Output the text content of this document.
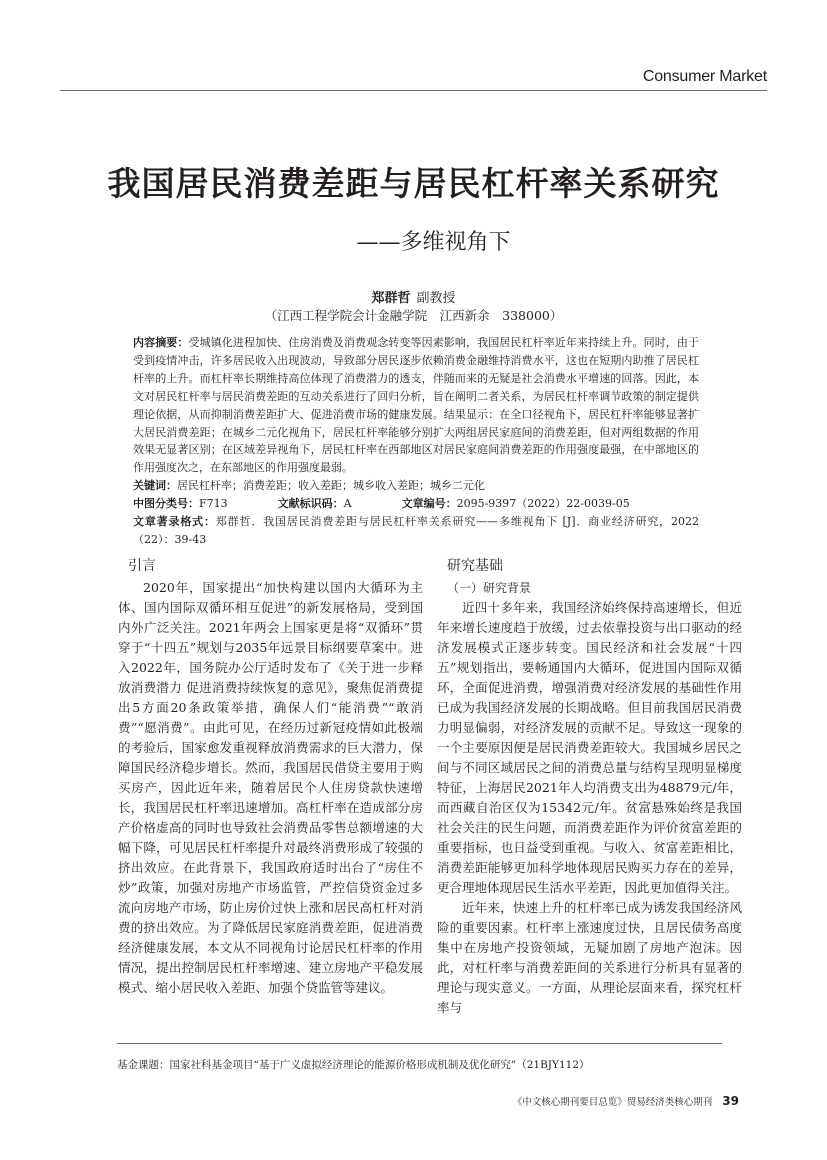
Consumer Market
我国居民消费差距与居民杠杆率关系研究
——多维视角下
郑群哲 副教授
（江西工程学院会计金融学院　江西新余　338000）
内容摘要：受城镇化进程加快、住房消费及消费观念转变等因素影响，我国居民杠杆率近年来持续上升。同时，由于受到疫情冲击，许多居民收入出现波动，导致部分居民逐步依赖消费金融维持消费水平，这也在短期内助推了居民杠杆率的上升。而杠杆率长期维持高位体现了消费潜力的透支，伴随而来的无疑是社会消费水平增速的回落。因此，本文对居民杠杆率与居民消费差距的互动关系进行了回归分析，旨在阐明二者关系，为居民杠杆率调节政策的制定提供理论依据，从而抑制消费差距扩大、促进消费市场的健康发展。结果显示：在全口径视角下，居民杠杆率能够显著扩大居民消费差距；在城乡二元化视角下，居民杠杆率能够分别扩大两组居民家庭间的消费差距，但对两组数据的作用效果无显著区别；在区域差异视角下，居民杠杆率在西部地区对居民家庭间消费差距的作用强度最强，在中部地区的作用强度次之，在东部地区的作用强度最弱。
关键词：居民杠杆率；消费差距；收入差距；城乡收入差距；城乡二元化
中图分类号：F713	文献标识码：A	文章编号：2095-9397（2022）22-0039-05
文章著录格式：郑群哲．我国居民消费差距与居民杠杆率关系研究——多维视角下 [J]．商业经济研究，2022（22）：39-43
引言

2020年，国家提出“加快构建以国内大循环为主体、国内国际双循环相互促进”的新发展格局，受到国内外广泛关注。2021年两会上国家更是将“双循环”贯穿于“十四五”规划与2035年远景目标纲要草案中。进入2022年，国务院办公厅适时发布了《关于进一步释放消费潜力 促进消费持续恢复的意见》，聚焦促消费提出5方面20条政策举措，确保人们“能消费”“敢消费”“愿消费”。由此可见，在经历过新冠疫情如此极端的考验后，国家愈发重视释放消费需求的巨大潜力，保障国民经济稳步增长。然而，我国居民借贷主要用于购买房产，因此近年来，随着居民个人住房贷款快速增长，我国居民杠杆率迅速增加。高杠杆率在造成部分房产价格虚高的同时也导致社会消费品零售总额增速的大幅下降，可见居民杠杆率提升对最终消费形成了较强的挤出效应。在此背景下，我国政府适时出台了“房住不炒”政策，加强对房地产市场监管，严控信贷资金过多流向房地产市场，防止房价过快上涨和居民高杠杆对消费的挤出效应。为了降低居民家庭消费差距，促进消费经济健康发展，本文从不同视角讨论居民杠杆率的作用情况，提出控制居民杠杆率增速、建立房地产平稳发展模式、缩小居民收入差距、加强个贷监管等建议。

研究基础
（一）研究背景

近四十多年来，我国经济始终保持高速增长，但近年来增长速度趋于放缓，过去依靠投资与出口驱动的经济发展模式正逐步转变。国民经济和社会发展“十四五”规划指出，要畅通国内大循环，促进国内国际双循环，全面促进消费，增强消费对经济发展的基础性作用已成为我国经济发展的长期战略。但目前我国居民消费力明显偏弱，对经济发展的贡献不足。导致这一现象的一个主要原因便是居民消费差距较大。我国城乡居民之间与不同区域居民之间的消费总量与结构呈现明显梯度特征，上海居民2021年人均消费支出为48879元/年，而西藏自治区仅为15342元/年。贫富悬殊始终是我国社会关注的民生问题，而消费差距作为评价贫富差距的重要指标，也日益受到重视。与收入、贫富差距相比，消费差距能够更加科学地体现居民购买力存在的差异，更合理地体现居民生活水平差距，因此更加值得关注。

近年来，快速上升的杠杆率已成为诱发我国经济风险的重要因素。杠杆率上涨速度过快，且居民债务高度集中在房地产投资领域，无疑加剧了房地产泡沫。因此，对杠杆率与消费差距间的关系进行分析具有显著的理论与现实意义。一方面，从理论层面来看，探究杠杆率与

基金课题：国家社科基金项目“基于广义虚拟经济理论的能源价格形成机制及优化研究”（21BJY112）
《中文核心期刊要目总览》贸易经济类核心期刊 39
